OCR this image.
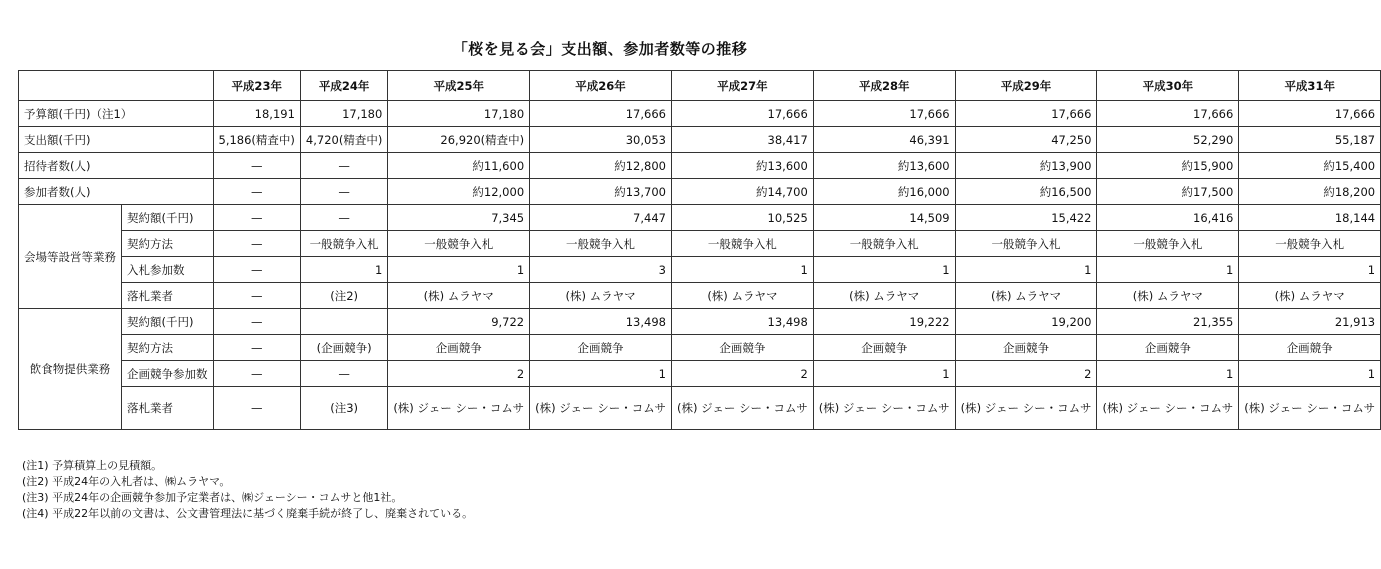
「桜を見る会」支出額、参加者数等の推移
		平成23年	平成24年	平成25年	平成26年	平成27年	平成28年	平成29年	平成30年	平成31年
予算額(千円)（注1）		18,191	17,180	17,180	17,666	17,666	17,666	17,666	17,666	17,666
支出額(千円)		5,186(精査中)	4,720(精査中)	26,920(精査中)	30,053	38,417	46,391	47,250	52,290	55,187
招待者数(人)		—	—	約11,600	約12,800	約13,600	約13,600	約13,900	約15,900	約15,400
参加者数(人)		—	—	約12,000	約13,700	約14,700	約16,000	約16,500	約17,500	約18,200
会場等設営等業務	契約額(千円)	—	—	7,345	7,447	10,525	14,509	15,422	16,416	18,144
	契約方法	—	一般競争入札	一般競争入札	一般競争入札	一般競争入札	一般競争入札	一般競争入札	一般競争入札	一般競争入札
	入札参加数	—	1	1	3	1	1	1	1	1
	落札業者	—	(注2)	(株) ムラヤマ	(株) ムラヤマ	(株) ムラヤマ	(株) ムラヤマ	(株) ムラヤマ	(株) ムラヤマ	(株) ムラヤマ
飲食物提供業務	契約額(千円)	—		9,722	13,498	13,498	19,222	19,200	21,355	21,913
	契約方法	—	(企画競争)	企画競争	企画競争	企画競争	企画競争	企画競争	企画競争	企画競争
	企画競争参加数	—	—	2	1	2	1	2	1	1
	落札業者	—	(注3)	(株) ジェー シー・コムサ	(株) ジェー シー・コムサ	(株) ジェー シー・コムサ	(株) ジェー シー・コムサ	(株) ジェー シー・コムサ	(株) ジェー シー・コムサ	(株) ジェー シー・コムサ
(注1) 予算積算上の見積額。
(注2) 平成24年の入札者は、㈱ムラヤマ。
(注3) 平成24年の企画競争参加予定業者は、㈱ジェーシー・コムサと他1社。
(注4) 平成22年以前の文書は、公文書管理法に基づく廃棄手続が終了し、廃棄されている。
